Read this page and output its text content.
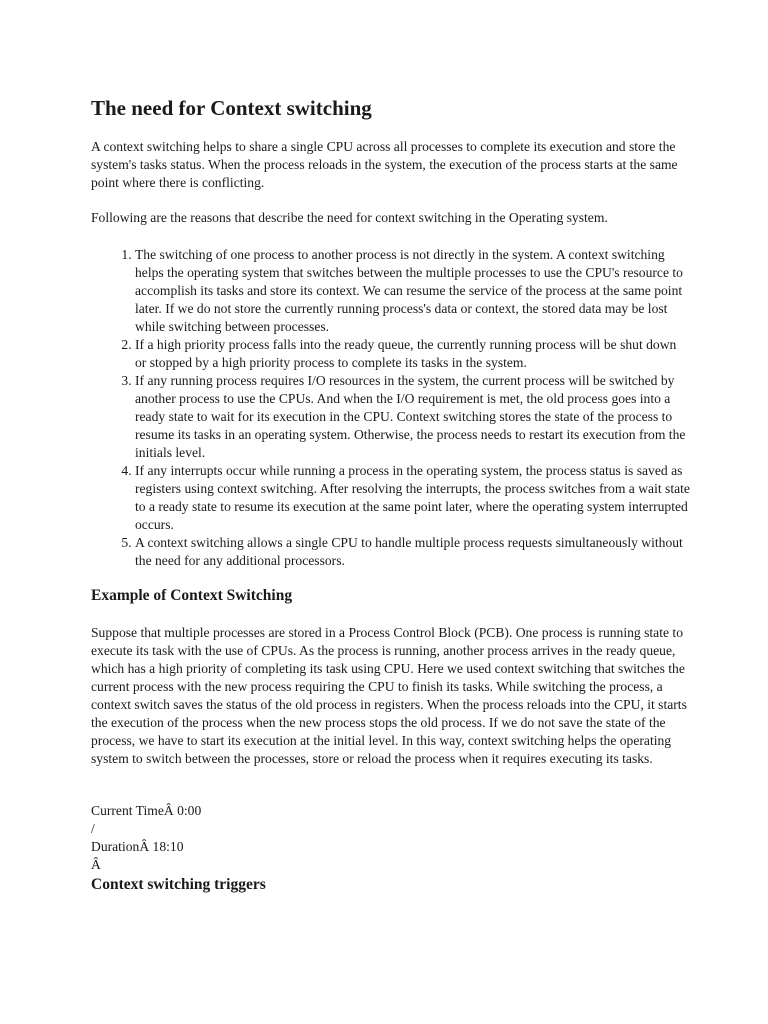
The need for Context switching

A context switching helps to share a single CPU across all processes to complete its execution and store the system's tasks status. When the process reloads in the system, the execution of the process starts at the same point where there is conflicting.

Following are the reasons that describe the need for context switching in the Operating system.

1. The switching of one process to another process is not directly in the system. A context switching helps the operating system that switches between the multiple processes to use the CPU's resource to accomplish its tasks and store its context. We can resume the service of the process at the same point later. If we do not store the currently running process's data or context, the stored data may be lost while switching between processes.
2. If a high priority process falls into the ready queue, the currently running process will be shut down or stopped by a high priority process to complete its tasks in the system.
3. If any running process requires I/O resources in the system, the current process will be switched by another process to use the CPUs. And when the I/O requirement is met, the old process goes into a ready state to wait for its execution in the CPU. Context switching stores the state of the process to resume its tasks in an operating system. Otherwise, the process needs to restart its execution from the initials level.
4. If any interrupts occur while running a process in the operating system, the process status is saved as registers using context switching. After resolving the interrupts, the process switches from a wait state to a ready state to resume its execution at the same point later, where the operating system interrupted occurs.
5. A context switching allows a single CPU to handle multiple process requests simultaneously without the need for any additional processors.
Example of Context Switching

Suppose that multiple processes are stored in a Process Control Block (PCB). One process is running state to execute its task with the use of CPUs. As the process is running, another process arrives in the ready queue, which has a high priority of completing its task using CPU. Here we used context switching that switches the current process with the new process requiring the CPU to finish its tasks. While switching the process, a context switch saves the status of the old process in registers. When the process reloads into the CPU, it starts the execution of the process when the new process stops the old process. If we do not save the state of the process, we have to start its execution at the initial level. In this way, context switching helps the operating system to switch between the processes, store or reload the process when it requires executing its tasks.

Current TimeÂ 0:00

/

DurationÂ 18:10

Â

Context switching triggers
